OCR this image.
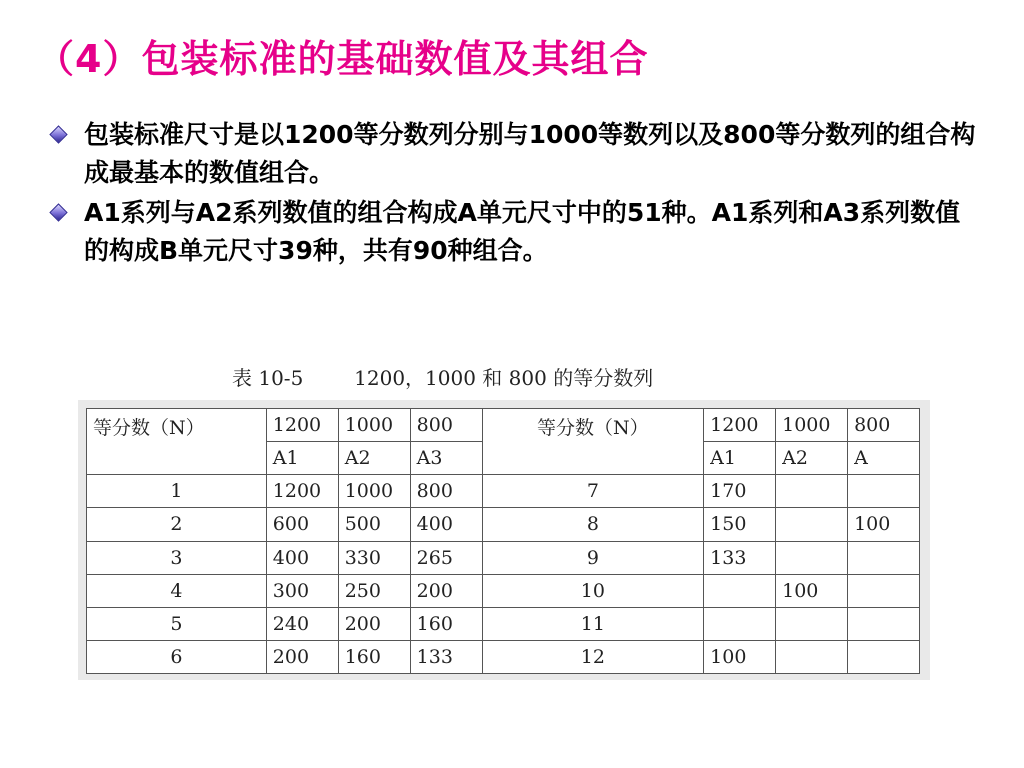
（4）包装标准的基础数值及其组合
包装标准尺寸是以1200等分数列分别与1000等数列以及800等分数列的组合构成最基本的数值组合。
A1系列与A2系列数值的组合构成A单元尺寸中的51种。A1系列和A3系列数值的构成B单元尺寸39种，共有90种组合。
表 10-5        1200，1000 和 800 的等分数列
等分数（N）	1200	1000	800	等分数（N）	1200	1000	800
	A1	A2	A3		A1	A2	A
1	1200	1000	800	7	170		
2	600	500	400	8	150		100
3	400	330	265	9	133		
4	300	250	200	10		100	
5	240	200	160	11			
6	200	160	133	12	100		
